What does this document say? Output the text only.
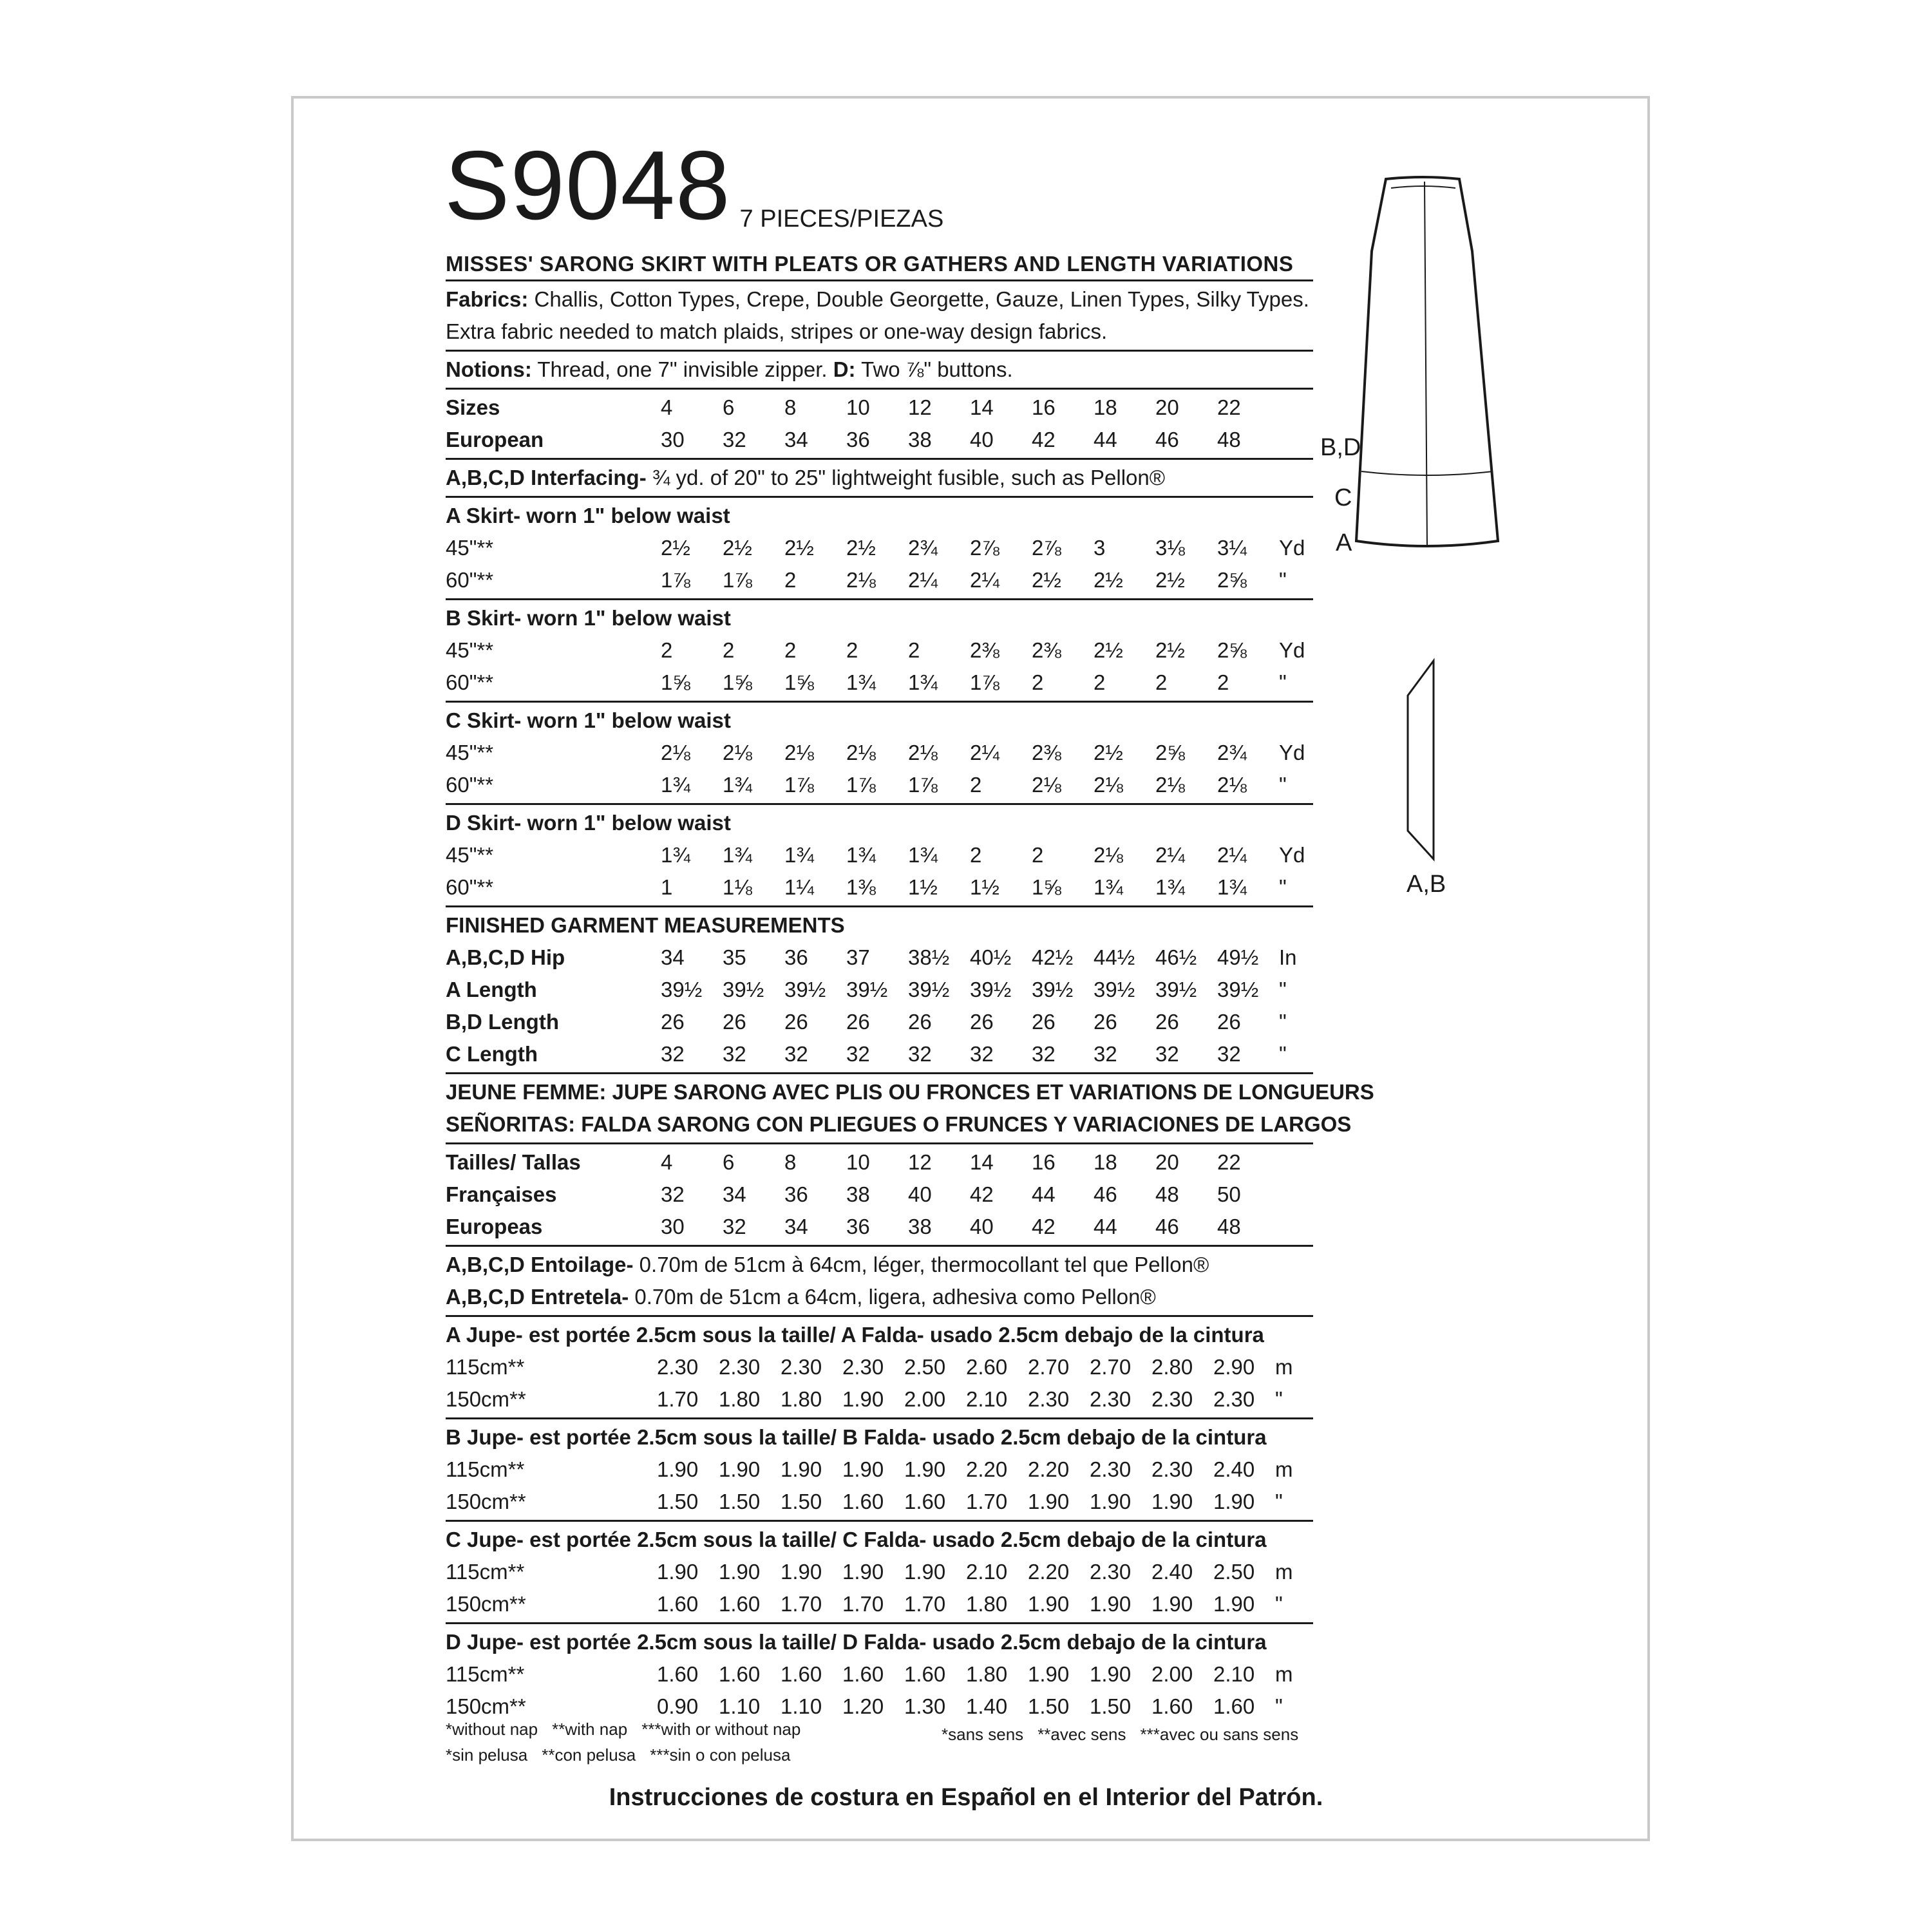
S9048 7 PIECES/PIEZAS
MISSES' SARONG SKIRT WITH PLEATS OR GATHERS AND LENGTH VARIATIONS
Fabrics: Challis, Cotton Types, Crepe, Double Georgette, Gauze, Linen Types, Silky Types.
Extra fabric needed to match plaids, stripes or one-way design fabrics.
Notions: Thread, one 7" invisible zipper. D: Two ⅞" buttons.
Sizes	4	6	8	10	12	14	16	18	20	22
European	30	32	34	36	38	40	42	44	46	48
A,B,C,D Interfacing- ¾ yd. of 20" to 25" lightweight fusible, such as Pellon®
A Skirt- worn 1" below waist
45"**	2½	2½	2½	2½	2¾	2⅞	2⅞	3	3⅛	3¼	Yd
60"**	1⅞	1⅞	2	2⅛	2¼	2¼	2½	2½	2½	2⅝	"
B Skirt- worn 1" below waist
45"**	2	2	2	2	2	2⅜	2⅜	2½	2½	2⅝	Yd
60"**	1⅝	1⅝	1⅝	1¾	1¾	1⅞	2	2	2	2	"
C Skirt- worn 1" below waist
45"**	2⅛	2⅛	2⅛	2⅛	2⅛	2¼	2⅜	2½	2⅝	2¾	Yd
60"**	1¾	1¾	1⅞	1⅞	1⅞	2	2⅛	2⅛	2⅛	2⅛	"
D Skirt- worn 1" below waist
45"**	1¾	1¾	1¾	1¾	1¾	2	2	2⅛	2¼	2¼	Yd
60"**	1	1⅛	1¼	1⅜	1½	1½	1⅝	1¾	1¾	1¾	"
FINISHED GARMENT MEASUREMENTS
A,B,C,D Hip	34	35	36	37	38½ 40½ 42½ 44½ 46½ 49½ In
A Length	39½ 39½ 39½ 39½ 39½ 39½ 39½ 39½ 39½ 39½ "
B,D Length	26	26	26	26	26	26	26	26	26	26	"
C Length	32	32	32	32	32	32	32	32	32	32	"
JEUNE FEMME: JUPE SARONG AVEC PLIS OU FRONCES ET VARIATIONS DE LONGUEURS
SEÑORITAS: FALDA SARONG CON PLIEGUES O FRUNCES Y VARIACIONES DE LARGOS
Tailles/ Tallas	4	6	8	10	12	14	16	18	20	22
Françaises	32	34	36	38	40	42	44	46	48	50
Europeas	30	32	34	36	38	40	42	44	46	48
A,B,C,D Entoilage- 0.70m de 51cm à 64cm, léger, thermocollant tel que Pellon®
A,B,C,D Entretela- 0.70m de 51cm a 64cm, ligera, adhesiva como Pellon®
A Jupe- est portée 2.5cm sous la taille/ A Falda- usado 2.5cm debajo de la cintura
115cm**	2.30 2.30 2.30 2.30 2.50 2.60 2.70 2.70 2.80 2.90 m
150cm**	1.70 1.80 1.80 1.90 2.00 2.10 2.30 2.30 2.30 2.30 "
B Jupe- est portée 2.5cm sous la taille/ B Falda- usado 2.5cm debajo de la cintura
115cm**	1.90 1.90 1.90 1.90 1.90 2.20 2.20 2.30 2.30 2.40 m
150cm**	1.50 1.50 1.50 1.60 1.60 1.70 1.90 1.90 1.90 1.90 "
C Jupe- est portée 2.5cm sous la taille/ C Falda- usado 2.5cm debajo de la cintura
115cm**	1.90 1.90 1.90 1.90 1.90 2.10 2.20 2.30 2.40 2.50 m
150cm**	1.60 1.60 1.70 1.70 1.70 1.80 1.90 1.90 1.90 1.90 "
D Jupe- est portée 2.5cm sous la taille/ D Falda- usado 2.5cm debajo de la cintura
115cm**	1.60 1.60 1.60 1.60 1.60 1.80 1.90 1.90 2.00 2.10 m
150cm**	0.90 1.10 1.10 1.20 1.30 1.40 1.50 1.50 1.60 1.60 "
*without nap **with nap ***with or without nap
*sin pelusa **con pelusa ***sin o con pelusa
*sans sens **avec sens ***avec ou sans sens
Instrucciones de costura en Español en el Interior del Patrón.
B,D
C
A
A,B
